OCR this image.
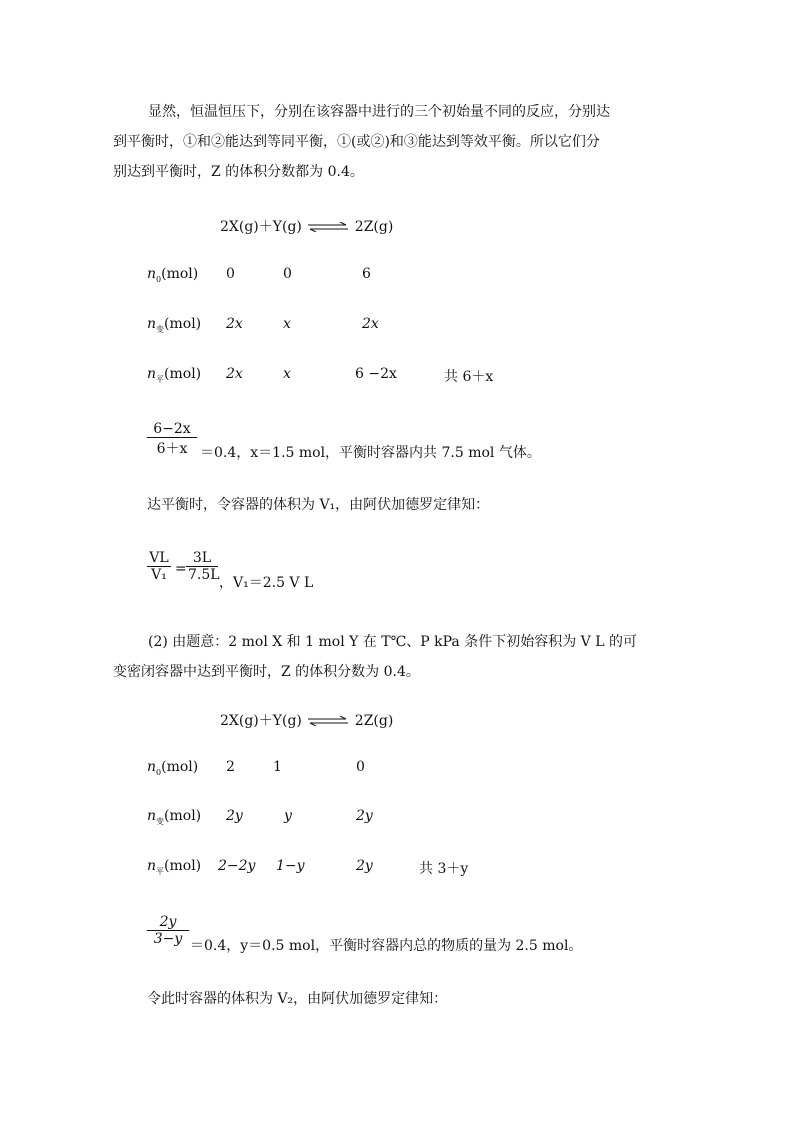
显然，恒温恒压下，分别在该容器中进行的三个初始量不同的反应，分别达
到平衡时，①和②能达到等同平衡，①(或②)和③能达到等效平衡。所以它们分
别达到平衡时，Z 的体积分数都为 0.4。
2X(g)＋Y(g) ⇌ 2Z(g)
$n_0(mol)$ 0	0	6
$n_变(mol)$ 2x	x	2x
$n_平(mol)$ 2x	x	6 −2x	共 6＋x
$\frac{6-2x}{6+x} =0.4$，x＝1.5 mol，平衡时容器内共 7.5 mol 气体。
达平衡时，令容器的体积为 V₁，由阿伏加德罗定律知：
$\frac{VL}{\text{V₁}} = \frac{3L}{7.5L}$ ，V₁＝2.5 V L
(2) 由题意：2 mol X 和 1 mol Y 在 T℃、P kPa 条件下初始容积为 V L 的可
变密闭容器中达到平衡时，Z 的体积分数为 0.4。
2X(g)＋Y(g) ⇌ 2Z(g)
$n_0(mol)$ 2	1	0
$n_变(mol)$ 2y	y	2y
$n_平(mol)$ 2−2y 1−y	2y	共 3＋y
$\frac{2y}{3-y} =0.4$，y＝0.5 mol，平衡时容器内总的物质的量为 2.5 mol。
令此时容器的体积为 V₂，由阿伏加德罗定律知：
